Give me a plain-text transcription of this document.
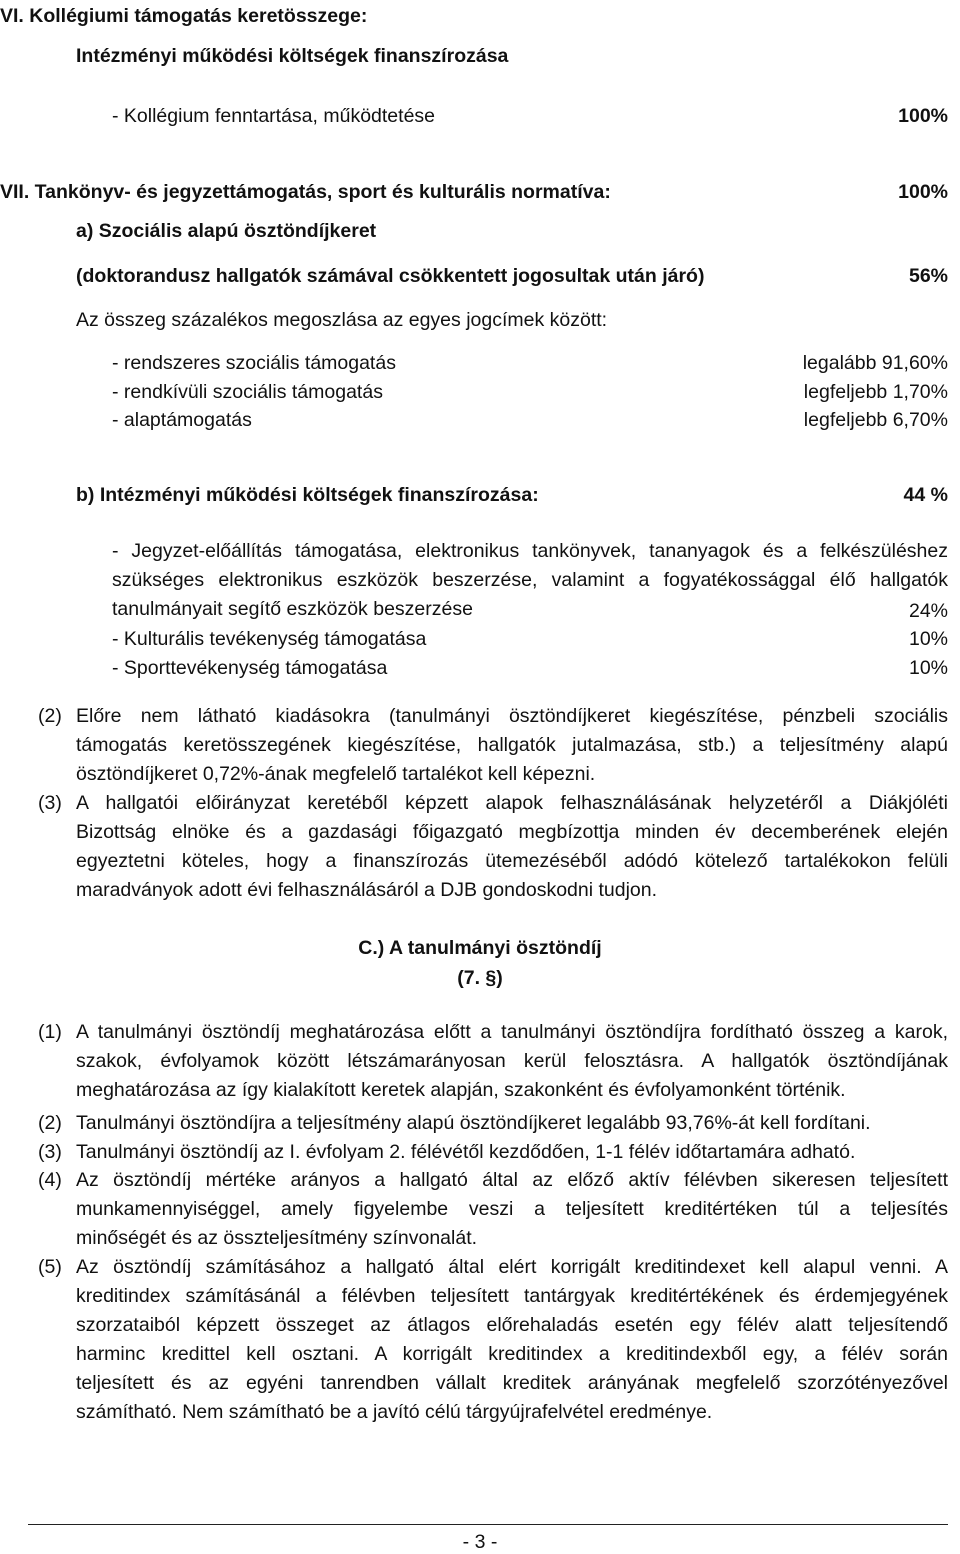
VI. Kollégiumi támogatás keretösszege:
Intézményi működési költségek finanszírozása
- Kollégium fenntartása, működtetése	100%
VII. Tankönyv- és jegyzettámogatás, sport és kulturális normatíva:	100%
a) Szociális alapú ösztöndíjkeret
(doktorandusz hallgatók számával csökkentett jogosultak után járó)	56%
Az összeg százalékos megoszlása az egyes jogcímek között:
- rendszeres szociális támogatás	legalább 91,60%
- rendkívüli szociális támogatás	legfeljebb 1,70%
- alaptámogatás	legfeljebb 6,70%
b) Intézményi működési költségek finanszírozása:	44 %
- Jegyzet-előállítás támogatása, elektronikus tankönyvek, tananyagok és a felkészüléshez
szükséges elektronikus eszközök beszerzése, valamint a fogyatékossággal élő hallgatók
tanulmányait segítő eszközök beszerzése	24%
- Kulturális tevékenység támogatása	10%
- Sporttevékenység támogatása	10%
(2) Előre nem látható kiadásokra (tanulmányi ösztöndíjkeret kiegészítése, pénzbeli szociális
támogatás keretösszegének kiegészítése, hallgatók jutalmazása, stb.) a teljesítmény alapú
ösztöndíjkeret 0,72%-ának megfelelő tartalékot kell képezni.
(3) A hallgatói előirányzat keretéből képzett alapok felhasználásának helyzetéről a Diákjóléti
Bizottság elnöke és a gazdasági főigazgató megbízottja minden év decemberének elején
egyeztetni köteles, hogy a finanszírozás ütemezéséből adódó kötelező tartalékokon felüli
maradványok adott évi felhasználásáról a DJB gondoskodni tudjon.
C.) A tanulmányi ösztöndíj
(7. §)
(1) A tanulmányi ösztöndíj meghatározása előtt a tanulmányi ösztöndíjra fordítható összeg a karok,
szakok, évfolyamok között létszámarányosan kerül felosztásra. A hallgatók ösztöndíjának
meghatározása az így kialakított keretek alapján, szakonként és évfolyamonként történik.
(2) Tanulmányi ösztöndíjra a teljesítmény alapú ösztöndíjkeret legalább 93,76%-át kell fordítani.
(3) Tanulmányi ösztöndíj az I. évfolyam 2. félévétől kezdődően, 1-1 félév időtartamára adható.
(4) Az ösztöndíj mértéke arányos a hallgató által az előző aktív félévben sikeresen teljesített
munkamennyiséggel, amely figyelembe veszi a teljesített kreditértéken túl a teljesítés
minőségét és az összteljesítmény színvonalát.
(5) Az ösztöndíj számításához a hallgató által elért korrigált kreditindexet kell alapul venni. A
kreditindex számításánál a félévben teljesített tantárgyak kreditértékének és érdemjegyének
szorzataiból képzett összeget az átlagos előrehaladás esetén egy félév alatt teljesítendő
harminc kredittel kell osztani. A korrigált kreditindex a kreditindexből egy, a félév során
teljesített és az egyéni tanrendben vállalt kreditek arányának megfelelő szorzótényezővel
számítható. Nem számítható be a javító célú tárgyújrafelvétel eredménye.
- 3 -
